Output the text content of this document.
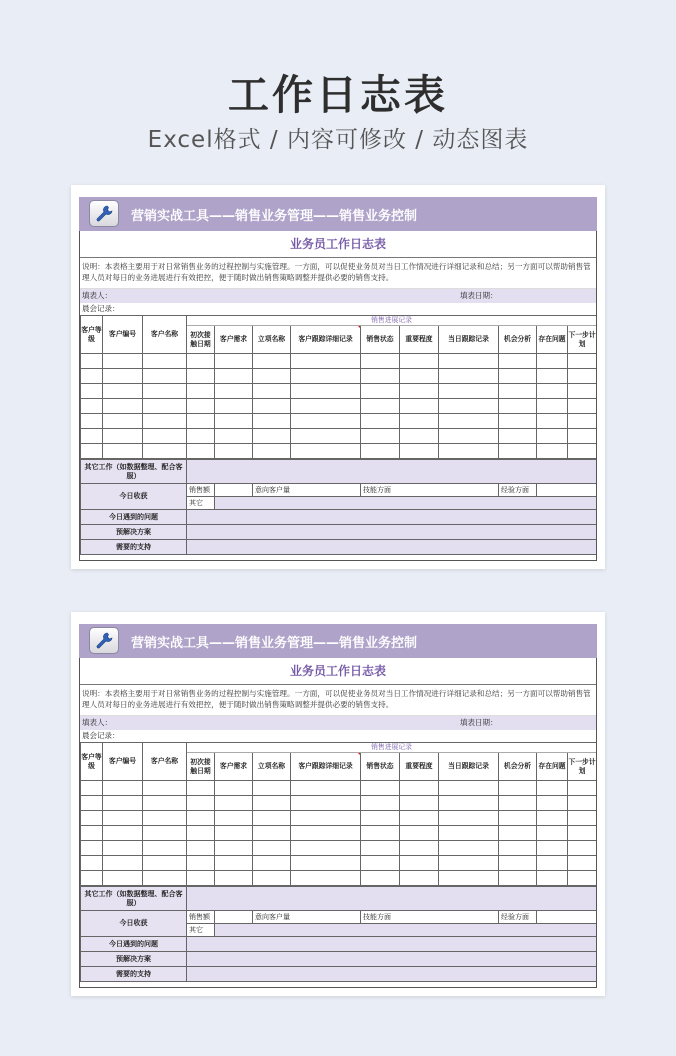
工作日志表
Excel格式 / 内容可修改 / 动态图表
营销实战工具——销售业务管理——销售业务控制
业务员工作日志表
说明：本表格主要用于对日常销售业务的过程控制与实施管理。一方面，可以促使业务员对当日工作情况进行详细记录和总结；另一方面可以帮助销售管理人员对每日的业务进展进行有效把控，便于随时做出销售策略调整并提供必要的销售支持。
填表人：	填表日期：
晨会记录：
客户等级	客户编号	客户名称	销售进展记录									
			初次接触日期	客户需求	立项名称	客户跟踪详细记录	销售状态	重要程度	当日跟踪记录	机会分析	存在问题	下一步计划

其它工作（如数据整理、配合客服）						
今日收获	销售额		意向客户量	技能方面	经验方面	
	其它					
今日遇到的问题						
预解决方案						
需要的支持						
营销实战工具——销售业务管理——销售业务控制
业务员工作日志表
说明：本表格主要用于对日常销售业务的过程控制与实施管理。一方面，可以促使业务员对当日工作情况进行详细记录和总结；另一方面可以帮助销售管理人员对每日的业务进展进行有效把控，便于随时做出销售策略调整并提供必要的销售支持。
填表人：	填表日期：
晨会记录：
客户等级	客户编号	客户名称	销售进展记录									
			初次接触日期	客户需求	立项名称	客户跟踪详细记录	销售状态	重要程度	当日跟踪记录	机会分析	存在问题	下一步计划

其它工作（如数据整理、配合客服）						
今日收获	销售额		意向客户量	技能方面	经验方面	
	其它					
今日遇到的问题						
预解决方案						
需要的支持						
